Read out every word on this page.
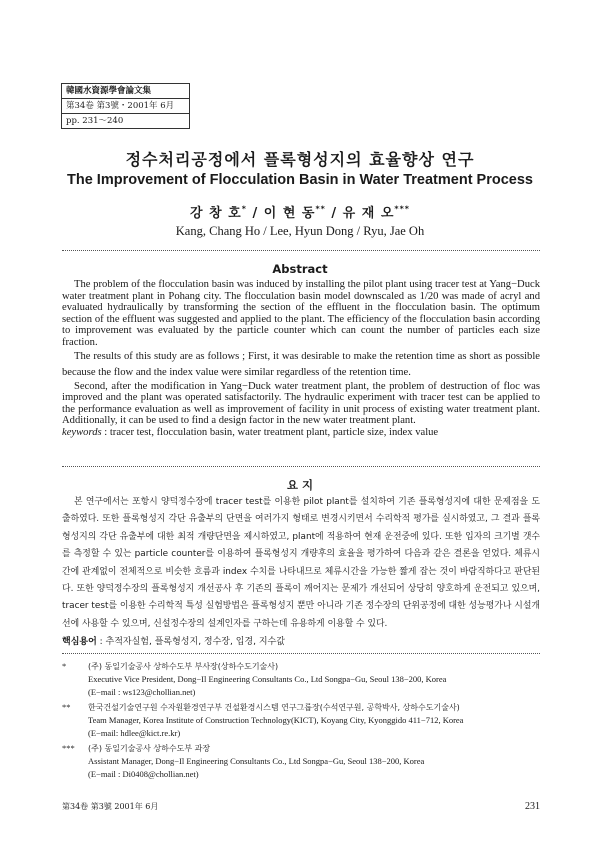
韓國水資源學會論文集
第34卷 第3號・2001年 6月
pp. 231～240
정수처리공정에서 플록형성지의 효율향상 연구
The Improvement of Flocculation Basin in Water Treatment Process
강 창 호* / 이 현 동** / 유 재 오***
Kang, Chang Ho / Lee, Hyun Dong / Ryu, Jae Oh
Abstract

The problem of the flocculation basin was induced by installing the pilot plant using tracer test at Yang−Duck water treatment plant in Pohang city. The flocculation basin model downscaled as 1/20 was made of acryl and evaluated hydraulically by transforming the section of the effluent in the flocculation basin. The optimum section of the effluent was suggested and applied to the plant. The efficiency of the flocculation basin according to improvement was evaluated by the particle counter which can count the number of particles each size fraction.

The results of this study are as follows ; First, it was desirable to make the retention time as short as possible because the flow and the index value were similar regardless of the retention time.

Second, after the modification in Yang−Duck water treatment plant, the problem of destruction of floc was improved and the plant was operated satisfactorily. The hydraulic experiment with tracer test can be applied to the performance evaluation as well as improvement of facility in unit process of existing water treatment plant. Additionally, it can be used to find a design factor in the new water treatment plant.

keywords : tracer test, flocculation basin, water treatment plant, particle size, index value

요 지

본 연구에서는 포항시 양덕정수장에 tracer test를 이용한 pilot plant를 설치하여 기존 플록형성지에 대한 문제점을 도출하였다. 또한 플록형성지 각단 유출부의 단면을 여러가지 형태로 변경시키면서 수리학적 평가를 실시하였고, 그 결과 플록형성지의 각단 유출부에 대한 최적 개량단면을 제시하였고, plant에 적용하여 현재 운전중에 있다. 또한 입자의 크기별 갯수를 측정할 수 있는 particle counter를 이용하여 플록형성지 개량후의 효율을 평가하여 다음과 같은 결론을 얻었다. 체류시간에 관계없이 전체적으로 비슷한 흐름과 index 수치를 나타내므로 체류시간을 가능한 짧게 잡는 것이 바람직하다고 판단된다. 또한 양덕정수장의 플록형성지 개선공사 후 기존의 플록이 깨어지는 문제가 개선되어 상당히 양호하게 운전되고 있으며, tracer test를 이용한 수리학적 특성 실험방법은 플록형성지 뿐만 아니라 기존 정수장의 단위공정에 대한 성능평가나 시설개선에 사용할 수 있으며, 신설정수장의 설계인자를 구하는데 유용하게 이용할 수 있다.

핵심용어 : 추적자실험, 플록형성지, 정수장, 입경, 지수값
*	(주) 동일기술공사 상하수도부 부사장(상하수도기술사)
Executive Vice President, Dong−Il Engineering Consultants Co., Ltd Songpa−Gu, Seoul 138−200, Korea
(E−mail : ws123@chollian.net)
**	한국건설기술연구원 수자원환경연구부 건설환경시스템 연구그룹장(수석연구원, 공학박사, 상하수도기술사)
Team Manager, Korea Institute of Construction Technology(KICT), Koyang City, Kyonggido 411−712, Korea
(E−mail: hdlee@kict.re.kr)
***	(주) 동일기술공사 상하수도부 과장
Assistant Manager, Dong−Il Engineering Consultants Co., Ltd Songpa−Gu, Seoul 138−200, Korea
(E−mail : Di0408@chollian.net)
第34卷 第3號 2001年 6月	231
